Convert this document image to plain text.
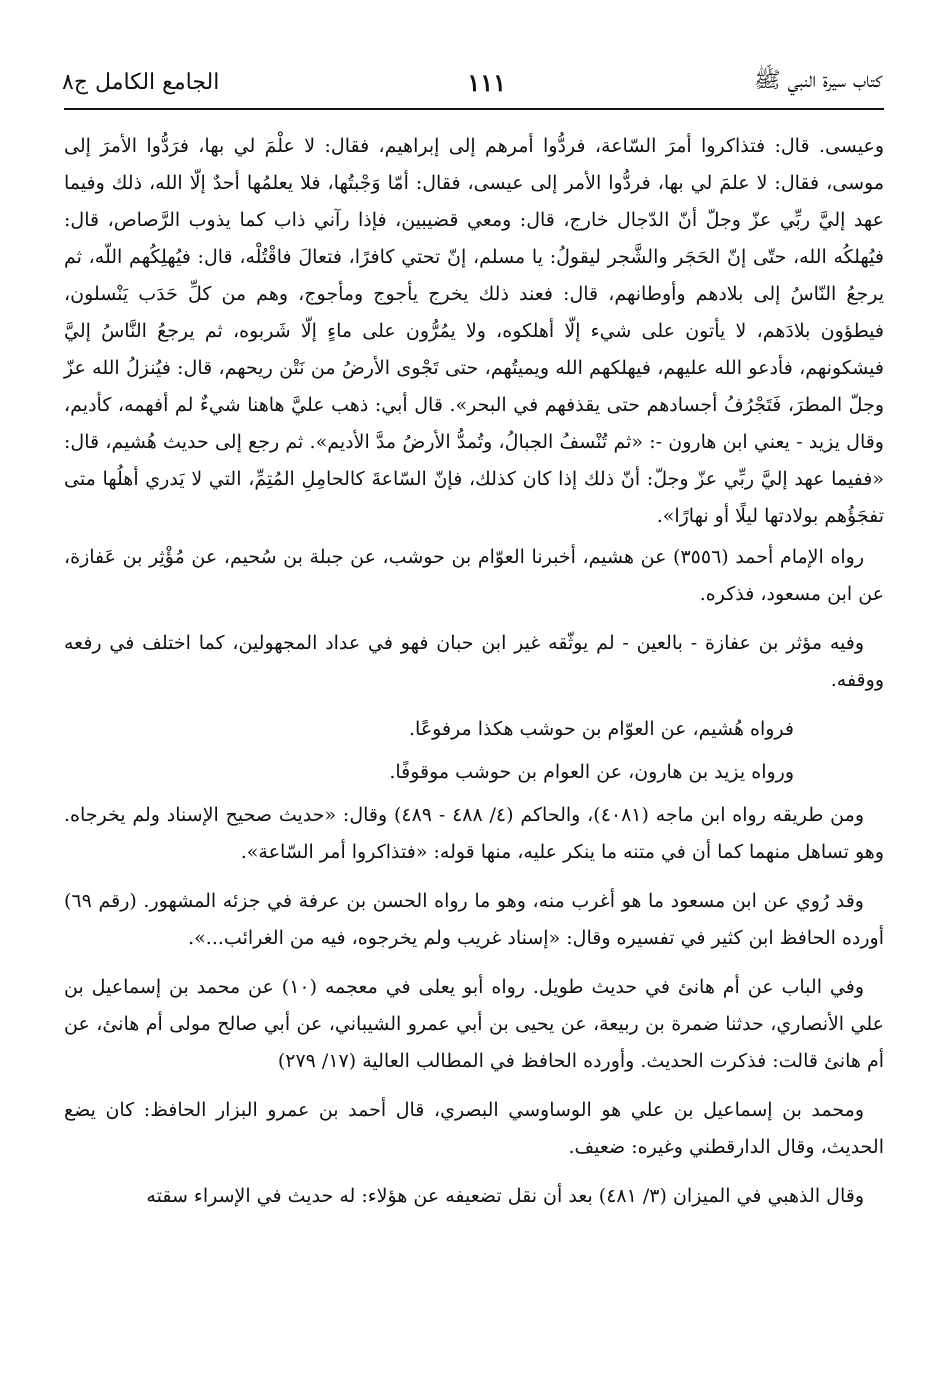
كتاب سيرة النبي ﷺ
١١١
الجامع الكامل ج٨

وعيسى. قال: فتذاكروا أمرَ السّاعة، فردُّوا أمرهم إلى إبراهيم، فقال: لا علْمَ لي بها، فرَدُّوا الأمرَ إلى موسى، فقال: لا علمَ لي بها، فردُّوا الأمر إلى عيسى، فقال: أمّا وَجْبتُها، فلا يعلمُها أحدٌ إلّا الله، ذلك وفيما عهد إليَّ ربِّي عزّ وجلّ أنّ الدّجال خارج، قال: ومعي قضيبين، فإذا رآني ذاب كما يذوب الرَّصاص، قال: فيُهلكُه الله، حتّى إنّ الحَجَر والشَّجر ليقولُ: يا مسلم، إنّ تحتي كافرًا، فتعالَ فاقْتُلْه، قال: فيُهلِكُهم اللّه، ثم يرجعُ النّاسُ إلى بلادهم وأوطانهم، قال: فعند ذلك يخرج يأجوج ومأجوج، وهم من كلِّ حَدَب يَنْسلون، فيطؤون بلادَهم، لا يأتون على شيء إلّا أهلكوه، ولا يمُرُّون على ماءٍ إلّا شَربوه، ثم يرجعُ النَّاسُ إليَّ فيشكونهم، فأدعو الله عليهم، فيهلكهم الله ويميتُهم، حتى تَجْوى الأرضُ من نَتْن ريحهم، قال: فيُنزلُ الله عزّ وجلّ المطرَ، فَتَجْرُفُ أجسادهم حتى يقذفهم في البحر». قال أبي: ذهب عليَّ هاهنا شيءٌ لم أفهمه، كأديم، وقال يزيد - يعني ابن هارون -: «ثم تُنْسفُ الجبالُ، وتُمدُّ الأرضُ مدَّ الأديم». ثم رجع إلى حديث هُشيم، قال: «ففيما عهد إليَّ ربِّي عزّ وجلّ: أنّ ذلك إذا كان كذلك، فإنّ السّاعةَ كالحامِلِ المُتِمِّ، التي لا يَدري أهلُها متى تفجَؤُهم بولادتها ليلًا أو نهارًا».

رواه الإمام أحمد (٣٥٥٦) عن هشيم، أخبرنا العوّام بن حوشب، عن جبلة بن سُحيم، عن مُؤْثِر بن عَفازة، عن ابن مسعود، فذكره.

وفيه مؤثر بن عفازة - بالعين - لم يوثّقه غير ابن حبان فهو في عداد المجهولين، كما اختلف في رفعه ووقفه.

فرواه هُشيم، عن العوّام بن حوشب هكذا مرفوعًا.

ورواه يزيد بن هارون، عن العوام بن حوشب موقوفًا.

ومن طريقه رواه ابن ماجه (٤٠٨١)، والحاكم (٤/ ٤٨٨ - ٤٨٩) وقال: «حديث صحيح الإسناد ولم يخرجاه. وهو تساهل منهما كما أن في متنه ما ينكر عليه، منها قوله: «فتذاكروا أمر السّاعة».

وقد رُوي عن ابن مسعود ما هو أغرب منه، وهو ما رواه الحسن بن عرفة في جزئه المشهور. (رقم ٦٩) أورده الحافظ ابن كثير في تفسيره وقال: «إسناد غريب ولم يخرجوه، فيه من الغرائب...».

وفي الباب عن أم هانئ في حديث طويل. رواه أبو يعلى في معجمه (١٠) عن محمد بن إسماعيل بن علي الأنصاري، حدثنا ضمرة بن ربيعة، عن يحيى بن أبي عمرو الشيباني، عن أبي صالح مولى أم هانئ، عن أم هانئ قالت: فذكرت الحديث. وأورده الحافظ في المطالب العالية (١٧/ ٢٧٩)

ومحمد بن إسماعيل بن علي هو الوساوسي البصري، قال أحمد بن عمرو البزار الحافظ: كان يضع الحديث، وقال الدارقطني وغيره: ضعيف.

وقال الذهبي في الميزان (٣/ ٤٨١) بعد أن نقل تضعيفه عن هؤلاء: له حديث في الإسراء سقته
